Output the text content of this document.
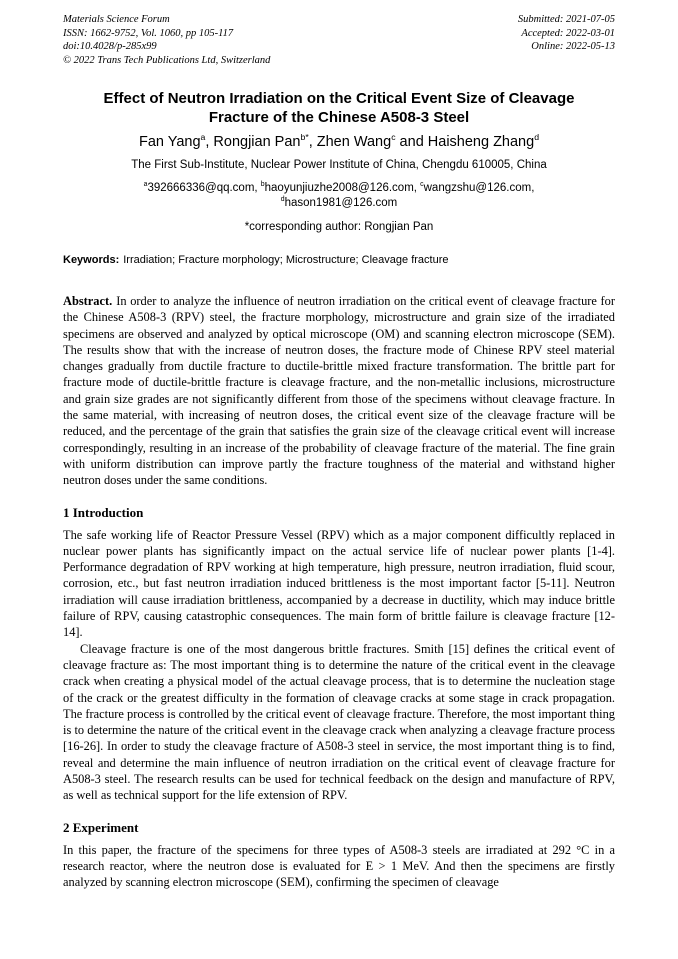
Materials Science Forum
ISSN: 1662-9752, Vol. 1060, pp 105-117
doi:10.4028/p-285x99
© 2022 Trans Tech Publications Ltd, Switzerland
Submitted: 2021-07-05
Accepted: 2022-03-01
Online: 2022-05-13
Effect of Neutron Irradiation on the Critical Event Size of Cleavage
Fracture of the Chinese A508-3 Steel
Fan Yang$^a$, Rongjian Pan$^{b*}$, Zhen Wang$^c$ and Haisheng Zhang$^d$
The First Sub-Institute, Nuclear Power Institute of China, Chengdu 610005, China
$^a$392666336@qq.com, $^b$haoyunjiuzhe2008@126.com, $^c$wangzshu@126.com,
$^d$hason1981@126.com
*corresponding author: Rongjian Pan
Keywords: Irradiation; Fracture morphology; Microstructure; Cleavage fracture

Abstract. In order to analyze the influence of neutron irradiation on the critical event of cleavage fracture for the Chinese A508-3 (RPV) steel, the fracture morphology, microstructure and grain size of the irradiated specimens are observed and analyzed by optical microscope (OM) and scanning electron microscope (SEM). The results show that with the increase of neutron doses, the fracture mode of Chinese RPV steel material changes gradually from ductile fracture to ductile-brittle mixed fracture transformation. The brittle part for fracture mode of ductile-brittle fracture is cleavage fracture, and the non-metallic inclusions, microstructure and grain size grades are not significantly different from those of the specimens without cleavage fracture. In the same material, with increasing of neutron doses, the critical event size of the cleavage fracture will be reduced, and the percentage of the grain that satisfies the grain size of the cleavage critical event will increase correspondingly, resulting in an increase of the probability of cleavage fracture of the material. The fine grain with uniform distribution can improve partly the fracture toughness of the material and withstand higher neutron doses under the same conditions.

1 Introduction

The safe working life of Reactor Pressure Vessel (RPV) which as a major component difficultly replaced in nuclear power plants has significantly impact on the actual service life of nuclear power plants [1-4]. Performance degradation of RPV working at high temperature, high pressure, neutron irradiation, fluid scour, corrosion, etc., but fast neutron irradiation induced brittleness is the most important factor [5-11]. Neutron irradiation will cause irradiation brittleness, accompanied by a decrease in ductility, which may induce brittle failure of RPV, causing catastrophic consequences. The main form of brittle failure is cleavage fracture [12-14].

Cleavage fracture is one of the most dangerous brittle fractures. Smith [15] defines the critical event of cleavage fracture as: The most important thing is to determine the nature of the critical event in the cleavage crack when creating a physical model of the actual cleavage process, that is to determine the nucleation stage of the crack or the greatest difficulty in the formation of cleavage cracks at some stage in crack propagation. The fracture process is controlled by the critical event of cleavage fracture. Therefore, the most important thing is to determine the nature of the critical event in the cleavage crack when analyzing a cleavage fracture process [16-26]. In order to study the cleavage fracture of A508-3 steel in service, the most important thing is to find, reveal and determine the main influence of neutron irradiation on the critical event of cleavage fracture for A508-3 steel. The research results can be used for technical feedback on the design and manufacture of RPV, as well as technical support for the life extension of RPV.

2 Experiment

In this paper, the fracture of the specimens for three types of A508-3 steels are irradiated at 292 °C in a research reactor, where the neutron dose is evaluated for E > 1 MeV. And then the specimens are firstly analyzed by scanning electron microscope (SEM), confirming the specimen of cleavage
